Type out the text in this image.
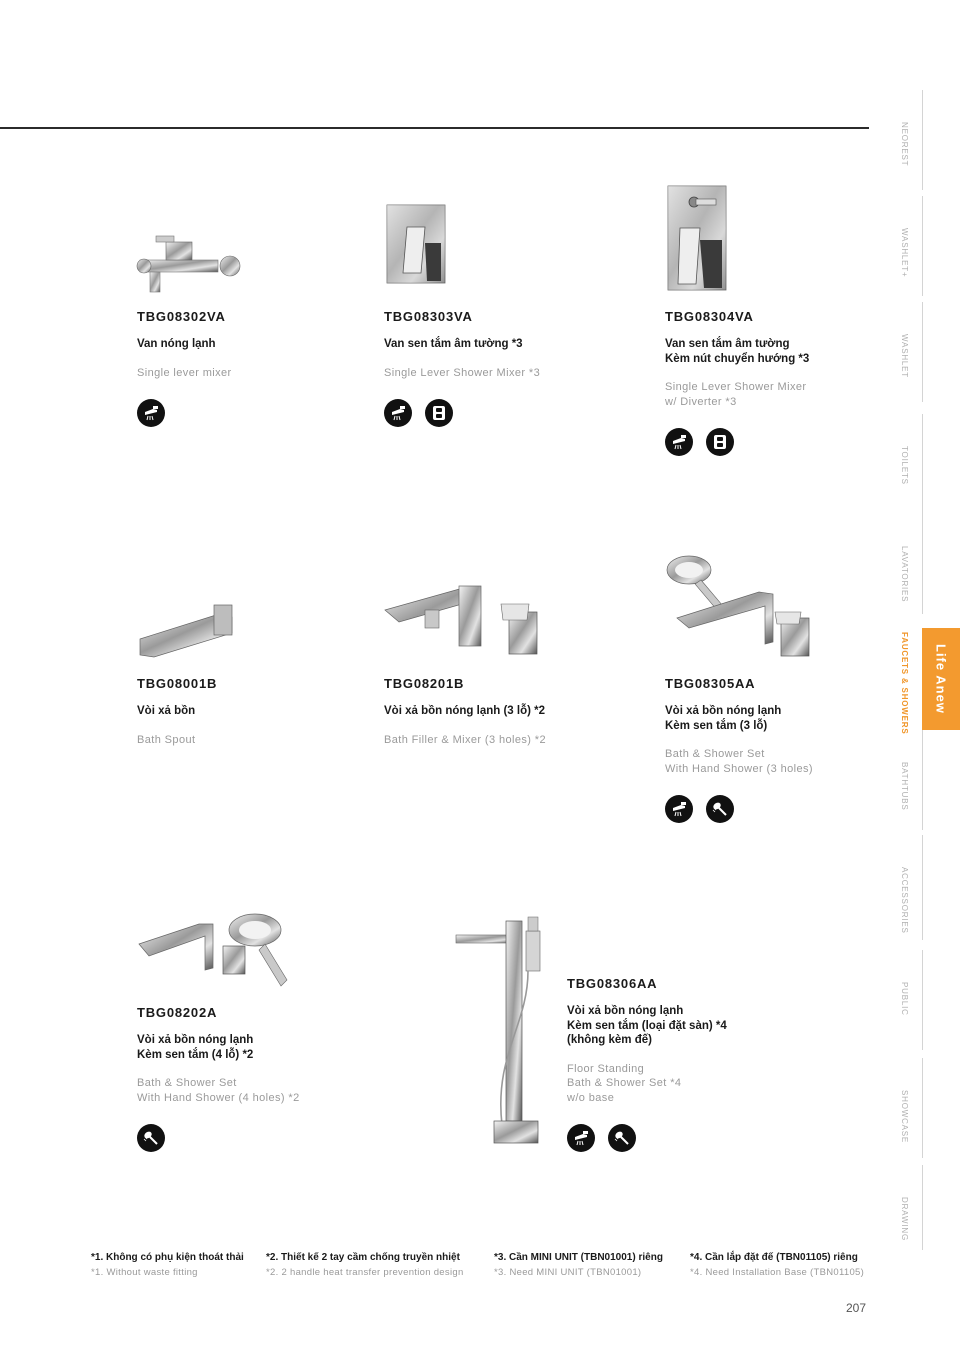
TBG08302VA
Van nóng lạnh
Single lever mixer
TBG08303VA
Van sen tắm âm tường *3
Single Lever Shower Mixer *3
TBG08304VA
Van sen tắm âm tường
Kèm nút chuyển hướng *3
Single Lever Shower Mixer
w/ Diverter *3
TBG08001B
Vòi xả bồn
Bath Spout
TBG08201B
Vòi xả bồn nóng lạnh (3 lỗ) *2
Bath Filler & Mixer (3 holes) *2
TBG08305AA
Vòi xả bồn nóng lạnh
Kèm sen tắm (3 lỗ)
Bath & Shower Set
With Hand Shower (3 holes)
TBG08202A
Vòi xả bồn nóng lạnh
Kèm sen tắm (4 lỗ) *2
Bath & Shower Set
With Hand Shower (4 holes) *2
TBG08306AA
Vòi xả bồn nóng lạnh
Kèm sen tắm (loại đặt sàn) *4
(không kèm đế)
Floor Standing
Bath & Shower Set *4
w/o base
NEOREST
WASHLET+
WASHLET
TOILETS
LAVATORIES
FAUCETS & SHOWERS
BATHTUBS
ACCESSORIES
PUBLIC
SHOWCASE
DRAWING
Life Anew
*1. Không có phụ kiện thoát thải
*1. Without waste fitting
*2. Thiết kế 2 tay cầm chống truyền nhiệt
*2. 2 handle heat transfer prevention design
*3. Cần MINI UNIT (TBN01001) riêng
*3. Need MINI UNIT (TBN01001)
*4. Cần lắp đặt đế (TBN01105) riêng
*4. Need Installation Base (TBN01105)
207
